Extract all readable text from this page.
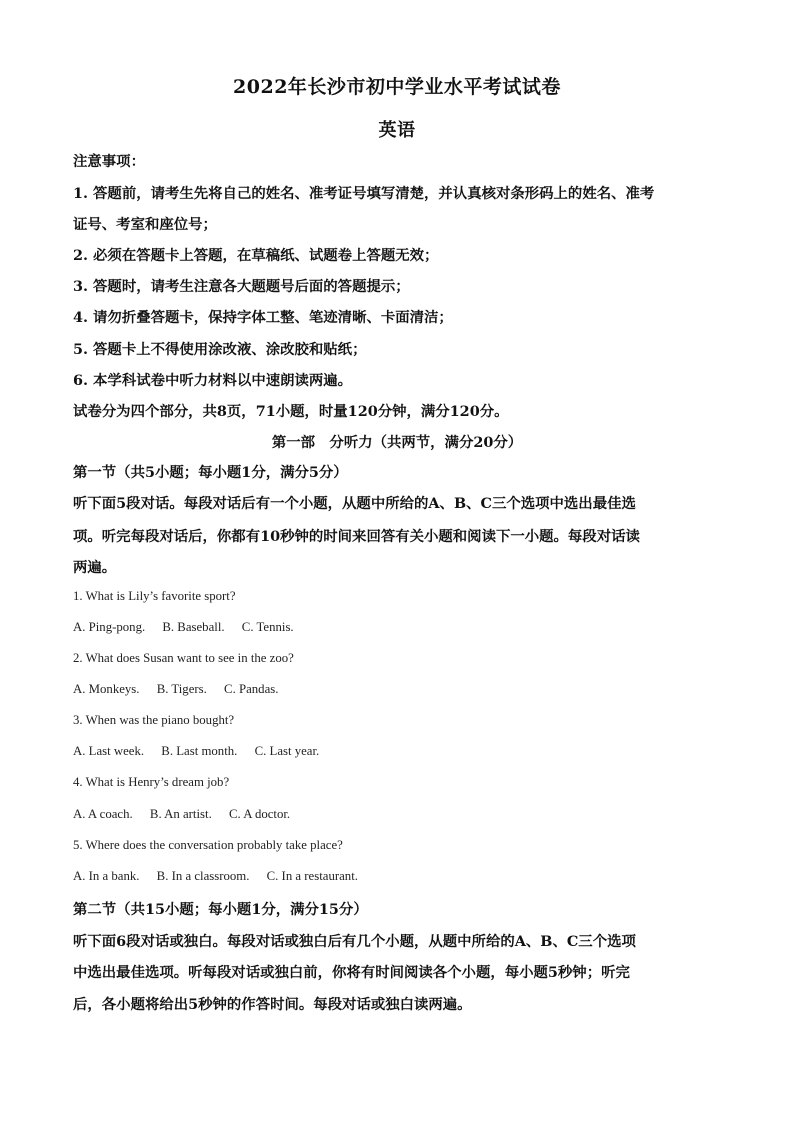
2022年长沙市初中学业水平考试试卷
英语
注意事项：
1. 答题前，请考生先将自己的姓名、准考证号填写清楚，并认真核对条形码上的姓名、准考
证号、考室和座位号；
2. 必须在答题卡上答题，在草稿纸、试题卷上答题无效；
3. 答题时，请考生注意各大题题号后面的答题提示；
4. 请勿折叠答题卡，保持字体工整、笔迹清晰、卡面清洁；
5. 答题卡上不得使用涂改液、涂改胶和贴纸；
6. 本学科试卷中听力材料以中速朗读两遍。
试卷分为四个部分，共8页，71小题，时量120分钟，满分120分。
第一部　分听力（共两节，满分20分）
第一节（共5小题；每小题1分，满分5分）
听下面5段对话。每段对话后有一个小题，从题中所给的A、B、C三个选项中选出最佳选
项。听完每段对话后，你都有10秒钟的时间来回答有关小题和阅读下一小题。每段对话读
两遍。
1. What is Lily’s favorite sport?
A. Ping-pong. B. Baseball. C. Tennis.
2. What does Susan want to see in the zoo?
A. Monkeys. B. Tigers. C. Pandas.
3. When was the piano bought?
A. Last week. B. Last month. C. Last year.
4. What is Henry’s dream job?
A. A coach. B. An artist. C. A doctor.
5. Where does the conversation probably take place?
A. In a bank. B. In a classroom. C. In a restaurant.
第二节（共15小题；每小题1分，满分15分）
听下面6段对话或独白。每段对话或独白后有几个小题，从题中所给的A、B、C三个选项
中选出最佳选项。听每段对话或独白前，你将有时间阅读各个小题，每小题5秒钟；听完
后，各小题将给出5秒钟的作答时间。每段对话或独白读两遍。
